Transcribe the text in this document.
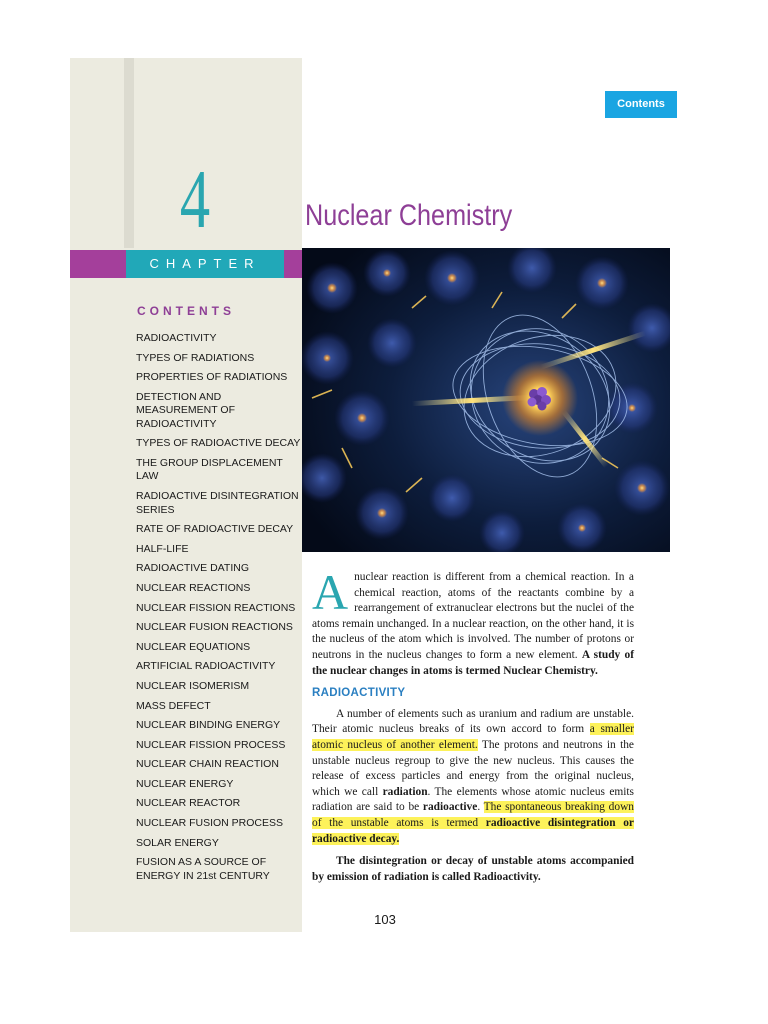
Contents
4	Nuclear Chemistry
CHAPTER
CONTENTS
RADIOACTIVITY
TYPES OF RADIATIONS
PROPERTIES OF RADIATIONS
DETECTION AND MEASUREMENT OF RADIOACTIVITY
TYPES OF RADIOACTIVE DECAY
THE GROUP DISPLACEMENT LAW
RADIOACTIVE DISINTEGRATION SERIES
RATE OF RADIOACTIVE DECAY
HALF-LIFE
RADIOACTIVE DATING
NUCLEAR REACTIONS
NUCLEAR FISSION REACTIONS
NUCLEAR FUSION REACTIONS
NUCLEAR EQUATIONS
ARTIFICIAL RADIOACTIVITY
NUCLEAR ISOMERISM
MASS DEFECT
NUCLEAR BINDING ENERGY
NUCLEAR FISSION PROCESS
NUCLEAR CHAIN REACTION
NUCLEAR ENERGY
NUCLEAR REACTOR
NUCLEAR FUSION PROCESS
SOLAR ENERGY
FUSION AS A SOURCE OF ENERGY IN 21st CENTURY

A nuclear reaction is different from a chemical reaction. In a chemical reaction, atoms of the reactants combine by a rearrangement of extranuclear electrons but the nuclei of the atoms remain unchanged. In a nuclear reaction, on the other hand, it is the nucleus of the atom which is involved. The number of protons or neutrons in the nucleus changes to form a new element. A study of the nuclear changes in atoms is termed Nuclear Chemistry.

RADIOACTIVITY

A number of elements such as uranium and radium are unstable. Their atomic nucleus breaks of its own accord to form a smaller atomic nucleus of another element. The protons and neutrons in the unstable nucleus regroup to give the new nucleus. This causes the release of excess particles and energy from the original nucleus, which we call radiation. The elements whose atomic nucleus emits radiation are said to be radioactive. The spontaneous breaking down of the unstable atoms is termed radioactive disintegration or radioactive decay.

The disintegration or decay of unstable atoms accompanied by emission of radiation is called Radioactivity.

103
